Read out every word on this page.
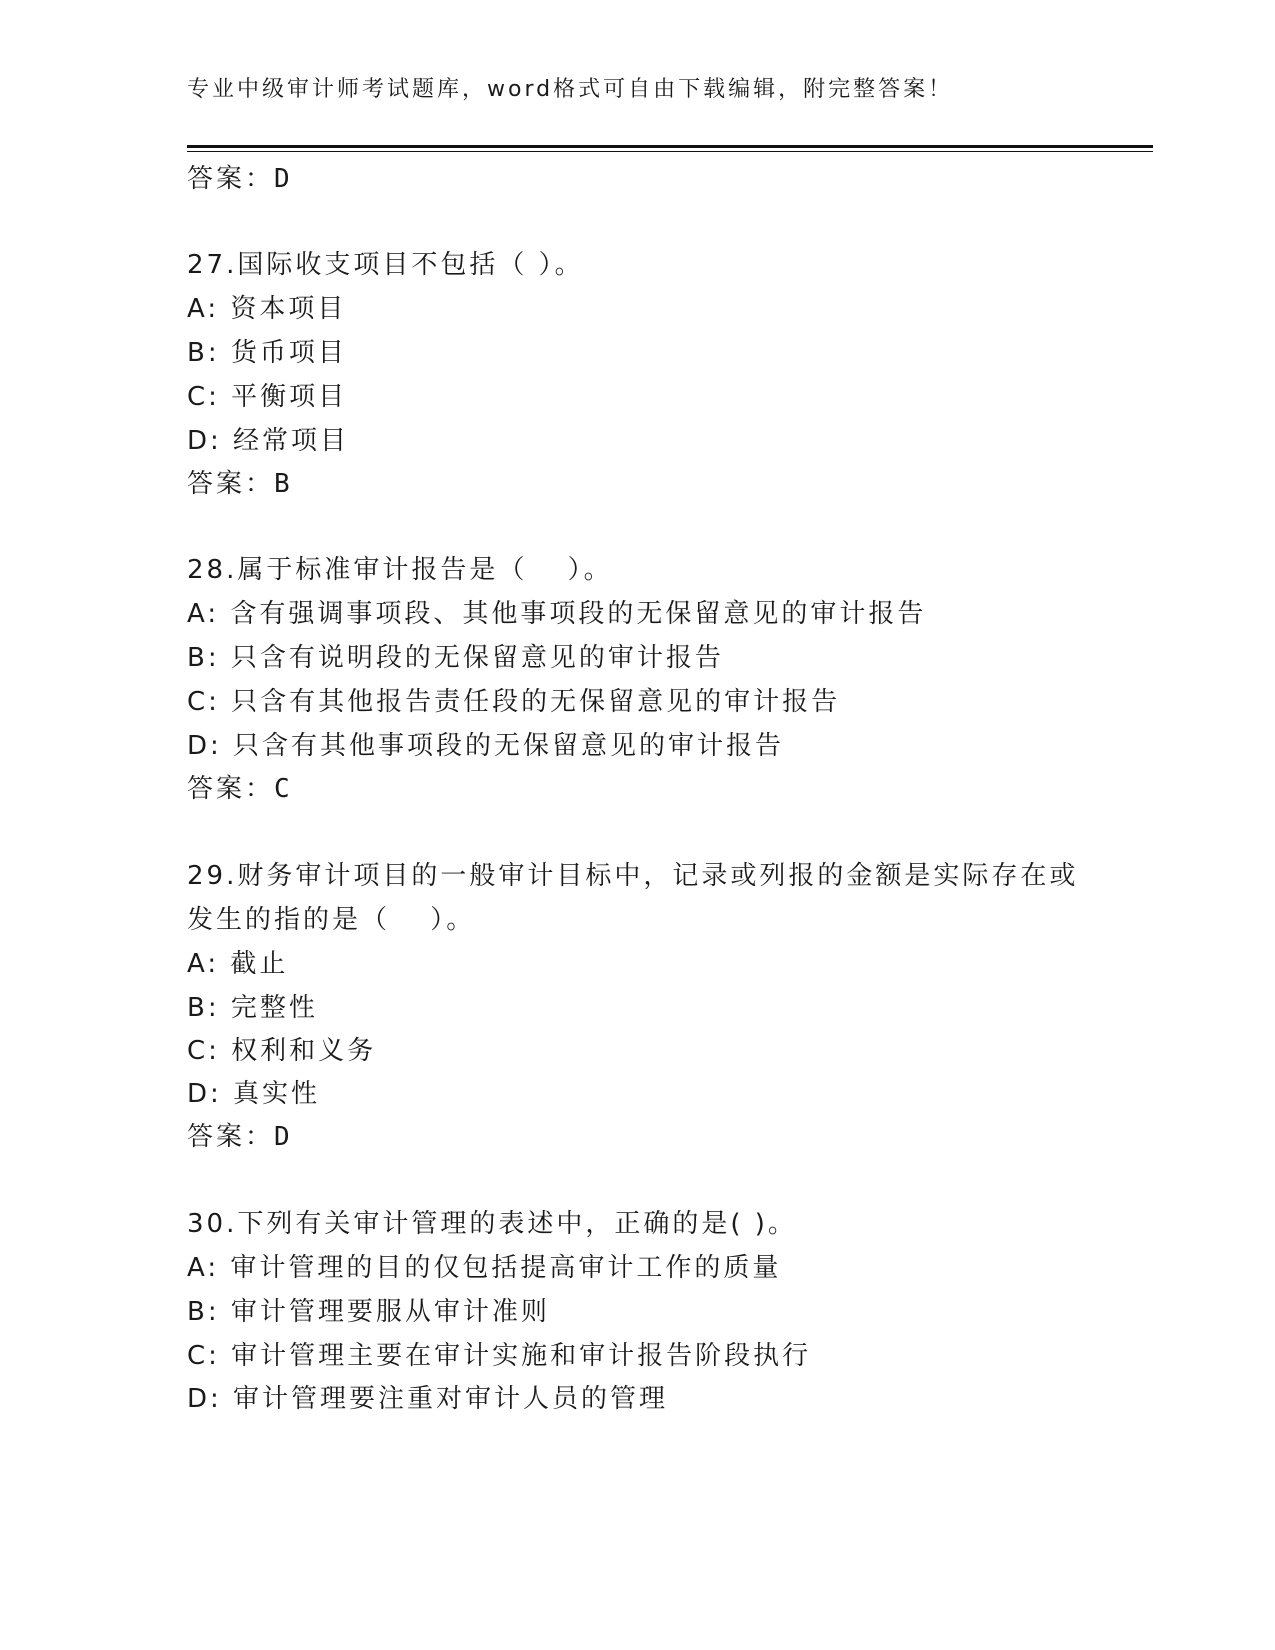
专业中级审计师考试题库，word格式可自由下载编辑，附完整答案！
答案：D
27.国际收支项目不包括（ ）。
A: 资本项目
B: 货币项目
C: 平衡项目
D: 经常项目
答案：B
28.属于标准审计报告是（　 ）。
A: 含有强调事项段、其他事项段的无保留意见的审计报告
B: 只含有说明段的无保留意见的审计报告
C: 只含有其他报告责任段的无保留意见的审计报告
D: 只含有其他事项段的无保留意见的审计报告
答案：C
29.财务审计项目的一般审计目标中，记录或列报的金额是实际存在或
发生的指的是（　 ）。
A: 截止
B: 完整性
C: 权利和义务
D: 真实性
答案：D
30.下列有关审计管理的表述中，正确的是( )。
A: 审计管理的目的仅包括提高审计工作的质量
B: 审计管理要服从审计准则
C: 审计管理主要在审计实施和审计报告阶段执行
D: 审计管理要注重对审计人员的管理
